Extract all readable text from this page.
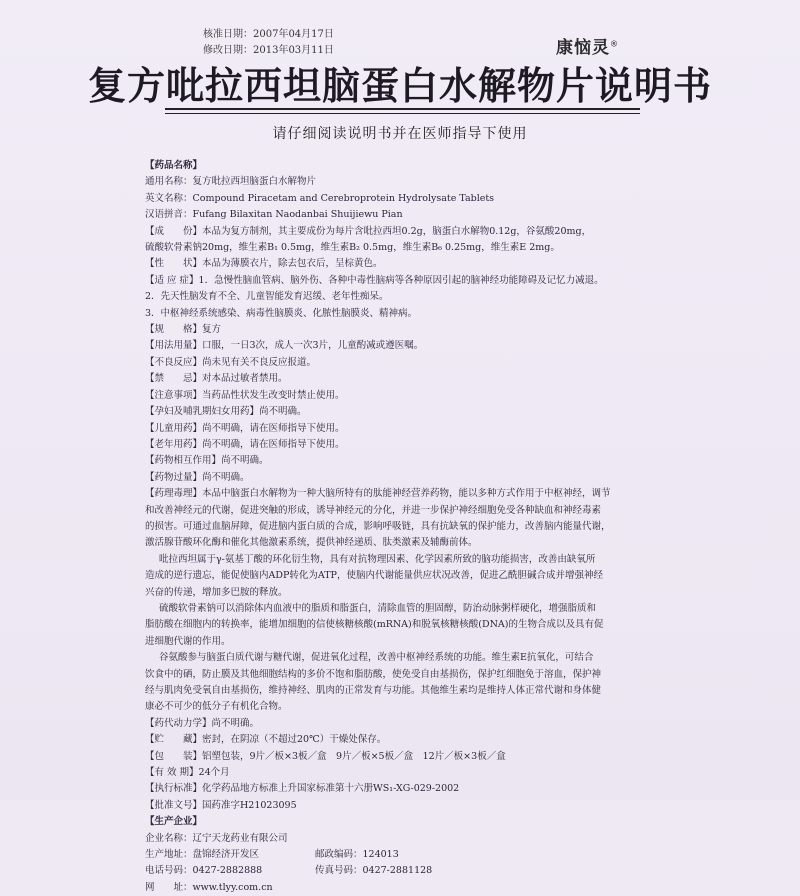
核准日期：2007年04月17日
修改日期：2013年03月11日	康恼灵®
复方吡拉西坦脑蛋白水解物片说明书
请仔细阅读说明书并在医师指导下使用
【药品名称】
通用名称：复方吡拉西坦脑蛋白水解物片
英文名称：Compound Piracetam and Cerebroprotein Hydrolysate Tablets
汉语拼音：Fufang Bilaxitan Naodanbai Shuijiewu Pian
【成　　份】本品为复方制剂，其主要成份为每片含吡拉西坦0.2g，脑蛋白水解物0.12g，谷氨酸20mg，
硫酸软骨素钠20mg，维生素B₁ 0.5mg，维生素B₂ 0.5mg，维生素B₆ 0.25mg，维生素E 2mg。
【性　　状】本品为薄膜衣片，除去包衣后，呈棕黄色。
【适 应 症】1．急慢性脑血管病、脑外伤、各种中毒性脑病等各种原因引起的脑神经功能障碍及记忆力减退。
2．先天性脑发育不全、儿童智能发育迟缓、老年性痴呆。
3．中枢神经系统感染、病毒性脑膜炎、化脓性脑膜炎、精神病。
【规　　格】复方
【用法用量】口服，一日3次，成人一次3片，儿童酌减或遵医嘱。
【不良反应】尚未见有关不良反应报道。
【禁　　忌】对本品过敏者禁用。
【注意事项】当药品性状发生改变时禁止使用。
【孕妇及哺乳期妇女用药】尚不明确。
【儿童用药】尚不明确，请在医师指导下使用。
【老年用药】尚不明确，请在医师指导下使用。
【药物相互作用】尚不明确。
【药物过量】尚不明确。
【药理毒理】本品中脑蛋白水解物为一种大脑所特有的肽能神经营养药物，能以多种方式作用于中枢神经，调节
和改善神经元的代谢，促进突触的形成，诱导神经元的分化，并进一步保护神经细胞免受各种缺血和神经毒素
的损害。可通过血脑屏障，促进脑内蛋白质的合成，影响呼吸链，具有抗缺氧的保护能力，改善脑内能量代谢，
激活腺苷酸环化酶和催化其他激素系统，提供神经递质、肽类激素及辅酶前体。
吡拉西坦属于γ-氨基丁酸的环化衍生物，具有对抗物理因素、化学因素所致的脑功能损害，改善由缺氧所
造成的逆行遗忘，能促使脑内ADP转化为ATP，使脑内代谢能量供应状况改善，促进乙酰胆碱合成并增强神经
兴奋的传递，增加多巴胺的释放。
硫酸软骨素钠可以消除体内血液中的脂质和脂蛋白，清除血管的胆固醇，防治动脉粥样硬化，增强脂质和
脂肪酸在细胞内的转换率，能增加细胞的信使核糖核酸(mRNA)和脱氧核糖核酸(DNA)的生物合成以及具有促
进细胞代谢的作用。
谷氨酸参与脑蛋白质代谢与糖代谢，促进氧化过程，改善中枢神经系统的功能。维生素E抗氧化，可结合
饮食中的硒，防止膜及其他细胞结构的多价不饱和脂肪酸，使免受自由基损伤，保护红细胞免于溶血，保护神
经与肌肉免受氧自由基损伤，维持神经、肌肉的正常发育与功能。其他维生素均是维持人体正常代谢和身体健
康必不可少的低分子有机化合物。
【药代动力学】尚不明确。
【贮　　藏】密封，在阴凉（不超过20℃）干燥处保存。
【包　　装】铝塑包装，9片／板×3板／盒　9片／板×5板／盒　12片／板×3板／盒
【有 效 期】24个月
【执行标准】化学药品地方标准上升国家标准第十六册WS₁-XG-029-2002
【批准文号】国药准字H21023095
【生产企业】
企业名称：辽宁天龙药业有限公司
生产地址：盘锦经济开发区	邮政编码：124013
电话号码：0427-2882888	传真号码：0427-2881128
网　　址：www.tlyy.com.cn
